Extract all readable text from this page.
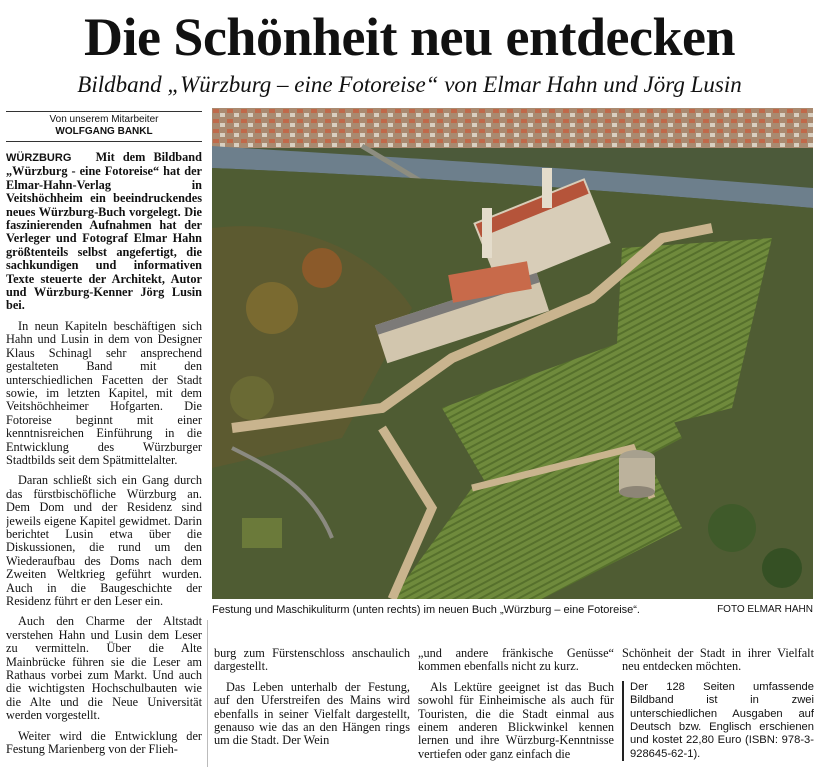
Die Schönheit neu entdecken
Bildband „Würzburg – eine Fotoreise“ von Elmar Hahn und Jörg Lusin
Von unserem Mitarbeiter
WOLFGANG BANKL

WÜRZBURG Mit dem Bildband „Würzburg - eine Fotoreise“ hat der Elmar-Hahn-Verlag in Veitshöchheim ein beeindruckendes neues Würzburg-Buch vorgelegt. Die faszinierenden Aufnahmen hat der Verleger und Fotograf Elmar Hahn größtenteils selbst angefertigt, die sachkundigen und informativen Texte steuerte der Architekt, Autor und Würzburg-Kenner Jörg Lusin bei.

In neun Kapiteln beschäftigen sich Hahn und Lusin in dem von Designer Klaus Schinagl sehr ansprechend gestalteten Band mit den unterschiedlichen Facetten der Stadt sowie, im letzten Kapitel, mit dem Veitshöchheimer Hofgarten. Die Fotoreise beginnt mit einer kenntnisreichen Einführung in die Entwicklung des Würzburger Stadtbilds seit dem Spätmittelalter.

Daran schließt sich ein Gang durch das fürstbischöfliche Würzburg an. Dem Dom und der Residenz sind jeweils eigene Kapitel gewidmet. Darin berichtet Lusin etwa über die Diskussionen, die rund um den Wiederaufbau des Doms nach dem Zweiten Weltkrieg geführt wurden. Auch in die Baugeschichte der Residenz führt er den Leser ein.

Auch den Charme der Altstadt verstehen Hahn und Lusin dem Leser zu vermitteln. Über die Alte Mainbrücke führen sie die Leser am Rathaus vorbei zum Markt. Und auch die wichtigsten Hochschulbauten wie die Alte und die Neue Universität werden vorgestellt.

Weiter wird die Entwicklung der Festung Marienberg von der Flieh-

Festung und Maschikuliturm (unten rechts) im neuen Buch „Würzburg – eine Fotoreise“.	FOTO ELMAR HAHN

burg zum Fürstenschloss anschaulich dargestellt.

Das Leben unterhalb der Festung, auf den Uferstreifen des Mains wird ebenfalls in seiner Vielfalt dargestellt, genauso wie das an den Hängen rings um die Stadt. Der Wein

„und andere fränkische Genüsse“ kommen ebenfalls nicht zu kurz.

Als Lektüre geeignet ist das Buch sowohl für Einheimische als auch für Touristen, die die Stadt einmal aus einem anderen Blickwinkel kennen lernen und ihre Würzburg-Kenntnisse vertiefen oder ganz einfach die

Schönheit der Stadt in ihrer Vielfalt neu entdecken möchten.

Der 128 Seiten umfassende Bildband ist in zwei unterschiedlichen Ausgaben auf Deutsch bzw. Englisch erschienen und kostet 22,80 Euro (ISBN: 978-3-928645-62-1).
